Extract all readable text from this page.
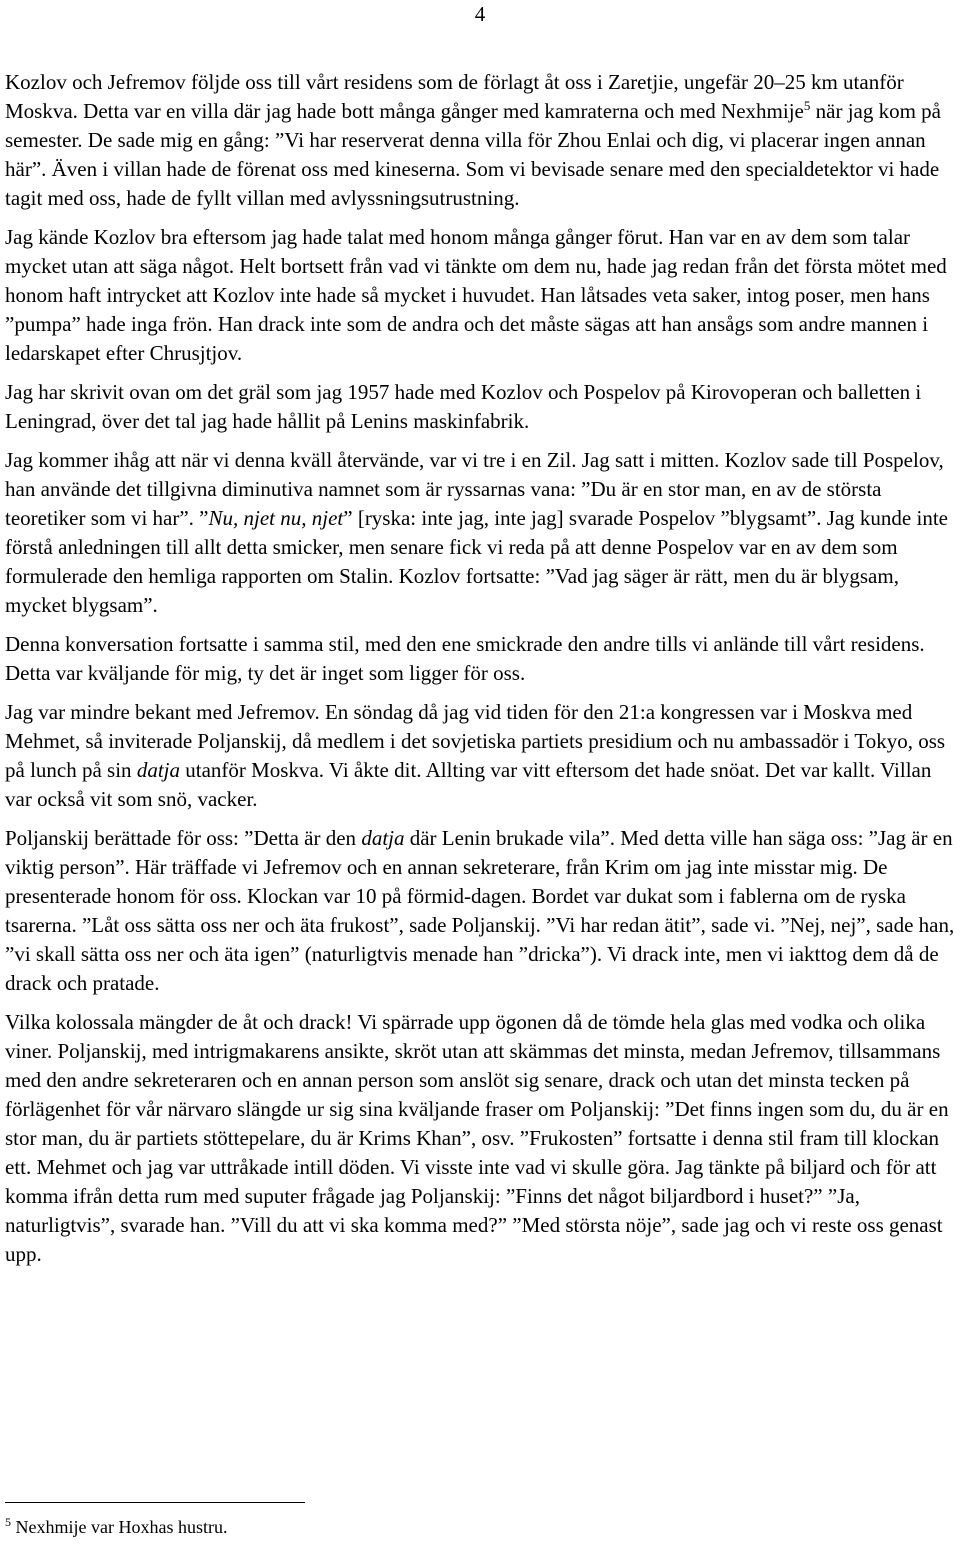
4

Kozlov och Jefremov följde oss till vårt residens som de förlagt åt oss i Zaretjie, ungefär 20–25 km utanför Moskva. Detta var en villa där jag hade bott många gånger med kamraterna och med Nexhmije$^5$ när jag kom på semester. De sade mig en gång: ”Vi har reserverat denna villa för Zhou Enlai och dig, vi placerar ingen annan här”. Även i villan hade de förenat oss med kineserna. Som vi bevisade senare med den specialdetektor vi hade tagit med oss, hade de fyllt villan med avlyssningsutrustning.

Jag kände Kozlov bra eftersom jag hade talat med honom många gånger förut. Han var en av dem som talar mycket utan att säga något. Helt bortsett från vad vi tänkte om dem nu, hade jag redan från det första mötet med honom haft intrycket att Kozlov inte hade så mycket i huvudet. Han låtsades veta saker, intog poser, men hans ”pumpa” hade inga frön. Han drack inte som de andra och det måste sägas att han ansågs som andre mannen i ledarskapet efter Chrusjtjov.

Jag har skrivit ovan om det gräl som jag 1957 hade med Kozlov och Pospelov på Kirovoperan och balletten i Leningrad, över det tal jag hade hållit på Lenins maskinfabrik.

Jag kommer ihåg att när vi denna kväll återvände, var vi tre i en Zil. Jag satt i mitten. Kozlov sade till Pospelov, han använde det tillgivna diminutiva namnet som är ryssarnas vana: ”Du är en stor man, en av de största teoretiker som vi har”. ”Nu, njet nu, njet” [ryska: inte jag, inte jag] svarade Pospelov ”blygsamt”. Jag kunde inte förstå anledningen till allt detta smicker, men senare fick vi reda på att denne Pospelov var en av dem som formulerade den hemliga rapporten om Stalin. Kozlov fortsatte: ”Vad jag säger är rätt, men du är blygsam, mycket blygsam”.

Denna konversation fortsatte i samma stil, med den ene smickrade den andre tills vi anlände till vårt residens. Detta var kväljande för mig, ty det är inget som ligger för oss.

Jag var mindre bekant med Jefremov. En söndag då jag vid tiden för den 21:a kongressen var i Moskva med Mehmet, så inviterade Poljanskij, då medlem i det sovjetiska partiets presidium och nu ambassadör i Tokyo, oss på lunch på sin datja utanför Moskva. Vi åkte dit. Allting var vitt eftersom det hade snöat. Det var kallt. Villan var också vit som snö, vacker.

Poljanskij berättade för oss: ”Detta är den datja där Lenin brukade vila”. Med detta ville han säga oss: ”Jag är en viktig person”. Här träffade vi Jefremov och en annan sekreterare, från Krim om jag inte misstar mig. De presenterade honom för oss. Klockan var 10 på förmid-dagen. Bordet var dukat som i fablerna om de ryska tsarerna. ”Låt oss sätta oss ner och äta frukost”, sade Poljanskij. ”Vi har redan ätit”, sade vi. ”Nej, nej”, sade han, ”vi skall sätta oss ner och äta igen” (naturligtvis menade han ”dricka”). Vi drack inte, men vi iakttog dem då de drack och pratade.

Vilka kolossala mängder de åt och drack! Vi spärrade upp ögonen då de tömde hela glas med vodka och olika viner. Poljanskij, med intrigmakarens ansikte, skröt utan att skämmas det minsta, medan Jefremov, tillsammans med den andre sekreteraren och en annan person som anslöt sig senare, drack och utan det minsta tecken på förlägenhet för vår närvaro slängde ur sig sina kväljande fraser om Poljanskij: ”Det finns ingen som du, du är en stor man, du är partiets stöttepelare, du är Krims Khan”, osv. ”Frukosten” fortsatte i denna stil fram till klockan ett. Mehmet och jag var uttråkade intill döden. Vi visste inte vad vi skulle göra. Jag tänkte på biljard och för att komma ifrån detta rum med suputer frågade jag Poljanskij: ”Finns det något biljardbord i huset?” ”Ja, naturligtvis”, svarade han. ”Vill du att vi ska komma med?” ”Med största nöje”, sade jag och vi reste oss genast upp.

$^5$ Nexhmije var Hoxhas hustru.
